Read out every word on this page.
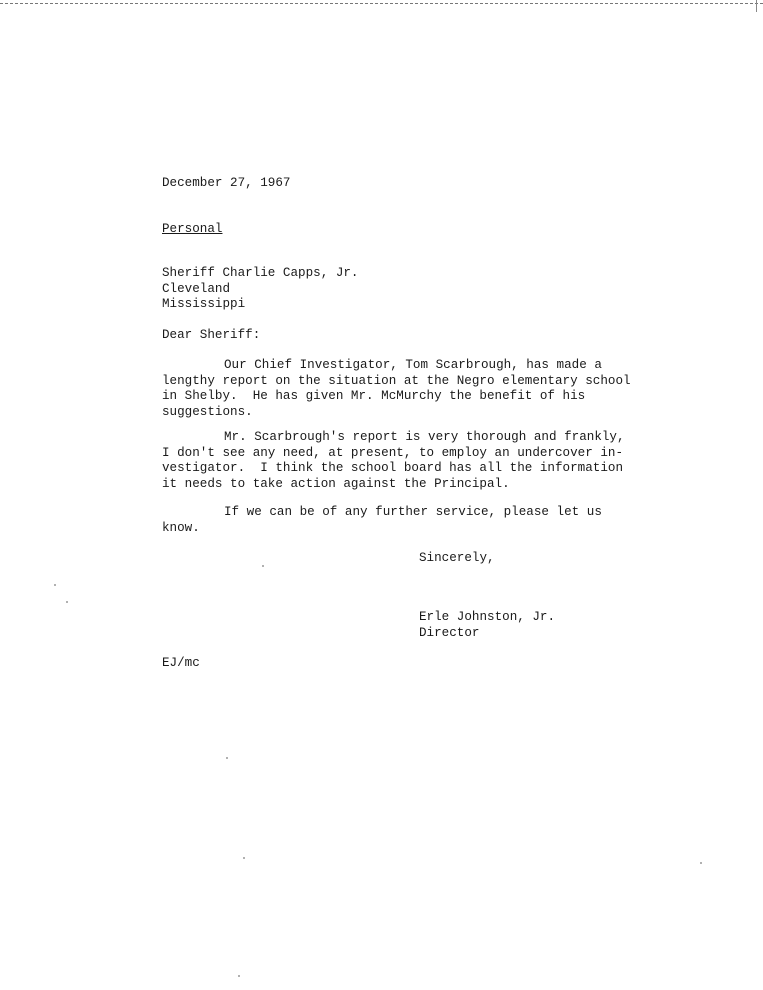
December 27, 1967
Personal
Sheriff Charlie Capps, Jr.
Cleveland
Mississippi
Dear Sheriff:
Our Chief Investigator, Tom Scarbrough, has made a
lengthy report on the situation at the Negro elementary school
in Shelby.  He has given Mr. McMurchy the benefit of his
suggestions.
Mr. Scarbrough's report is very thorough and frankly,
I don't see any need, at present, to employ an undercover in-
vestigator.  I think the school board has all the information
it needs to take action against the Principal.
If we can be of any further service, please let us
know.
Sincerely,
Erle Johnston, Jr.
Director
EJ/mc
